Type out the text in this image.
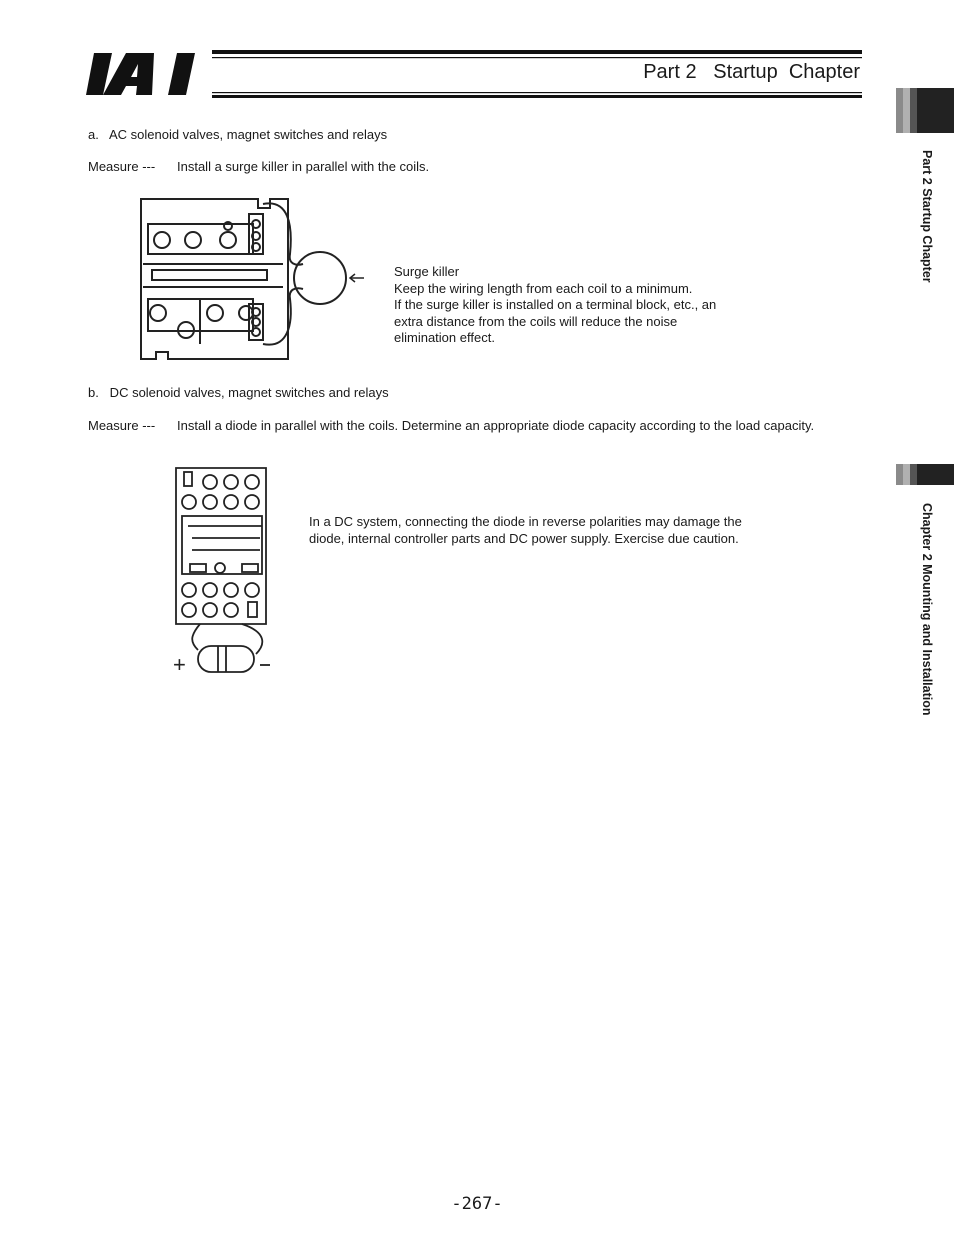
Part 2   Startup  Chapter
Part 2 Startup Chapter
Chapter 2 Mounting and Installation
a.   AC solenoid valves, magnet switches and relays
Measure --- Install a surge killer in parallel with the coils.
Surge killer
Keep the wiring length from each coil to a minimum.
If the surge killer is installed on a terminal block, etc., an
extra distance from the coils will reduce the noise
elimination effect.
b.   DC solenoid valves, magnet switches and relays
Measure --- Install a diode in parallel with the coils. Determine an appropriate diode capacity according to the load capacity.
+
In a DC system, connecting the diode in reverse polarities may damage the
diode, internal controller parts and DC power supply. Exercise due caution.
-267-
